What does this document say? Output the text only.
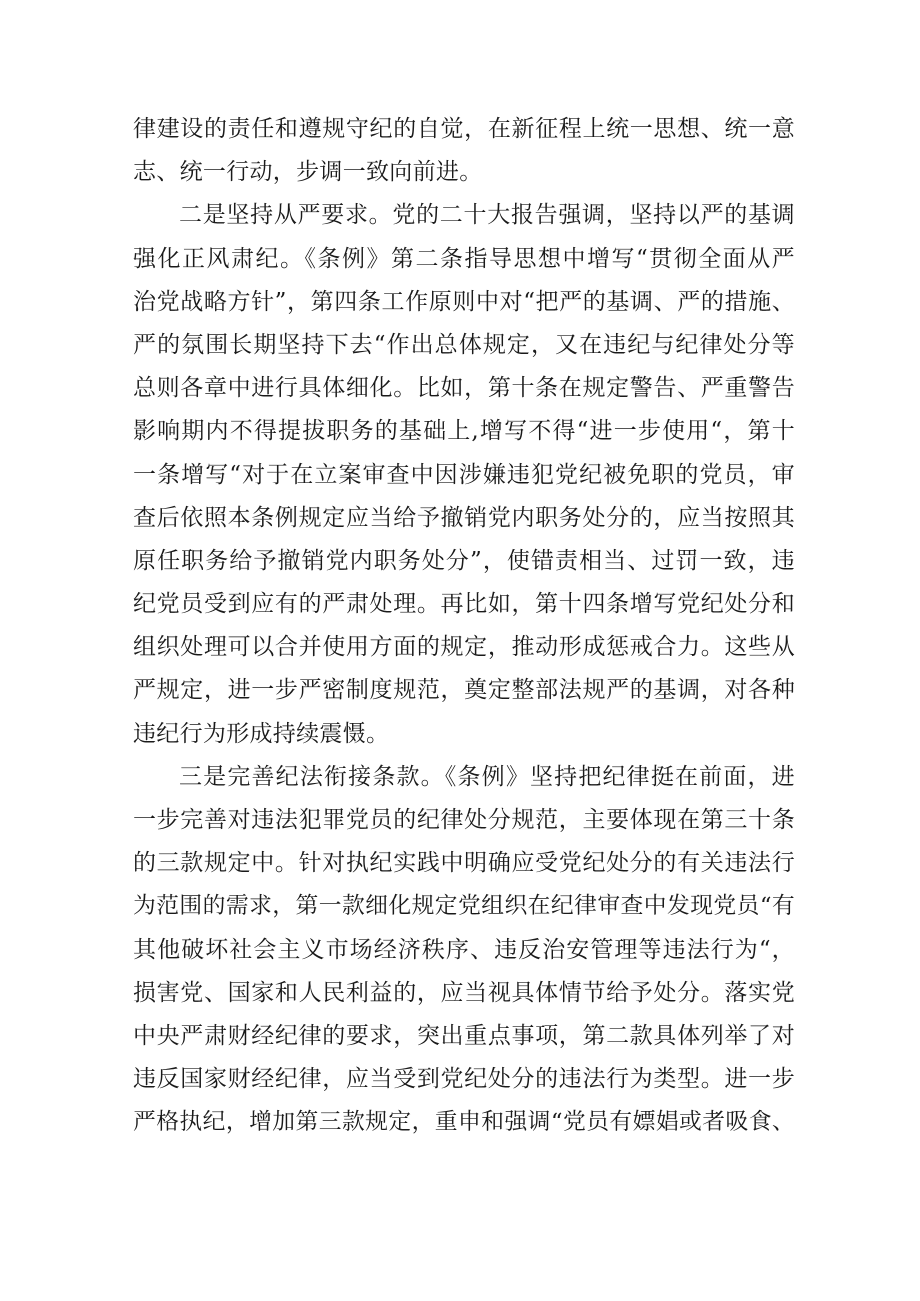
律建设的责任和遵规守纪的自觉，在新征程上统一思想、统一意
志、统一行动，步调一致向前进。
二是坚持从严要求。党的二十大报告强调，坚持以严的基调
强化正风肃纪。《条例》第二条指导思想中增写“贯彻全面从严
治党战略方针”，第四条工作原则中对“把严的基调、严的措施、
严的氛围长期坚持下去“作出总体规定，又在违纪与纪律处分等
总则各章中进行具体细化。比如，第十条在规定警告、严重警告
影响期内不得提拔职务的基础上,增写不得“进一步使用“，第十
一条增写“对于在立案审查中因涉嫌违犯党纪被免职的党员，审
查后依照本条例规定应当给予撤销党内职务处分的，应当按照其
原任职务给予撤销党内职务处分”，使错责相当、过罚一致，违
纪党员受到应有的严肃处理。再比如，第十四条增写党纪处分和
组织处理可以合并使用方面的规定，推动形成惩戒合力。这些从
严规定，进一步严密制度规范，奠定整部法规严的基调，对各种
违纪行为形成持续震慑。
三是完善纪法衔接条款。《条例》坚持把纪律挺在前面，进
一步完善对违法犯罪党员的纪律处分规范，主要体现在第三十条
的三款规定中。针对执纪实践中明确应受党纪处分的有关违法行
为范围的需求，第一款细化规定党组织在纪律审查中发现党员“有
其他破坏社会主义市场经济秩序、违反治安管理等违法行为“，
损害党、国家和人民利益的，应当视具体情节给予处分。落实党
中央严肃财经纪律的要求，突出重点事项，第二款具体列举了对
违反国家财经纪律，应当受到党纪处分的违法行为类型。进一步
严格执纪，增加第三款规定，重申和强调“党员有嫖娼或者吸食、
